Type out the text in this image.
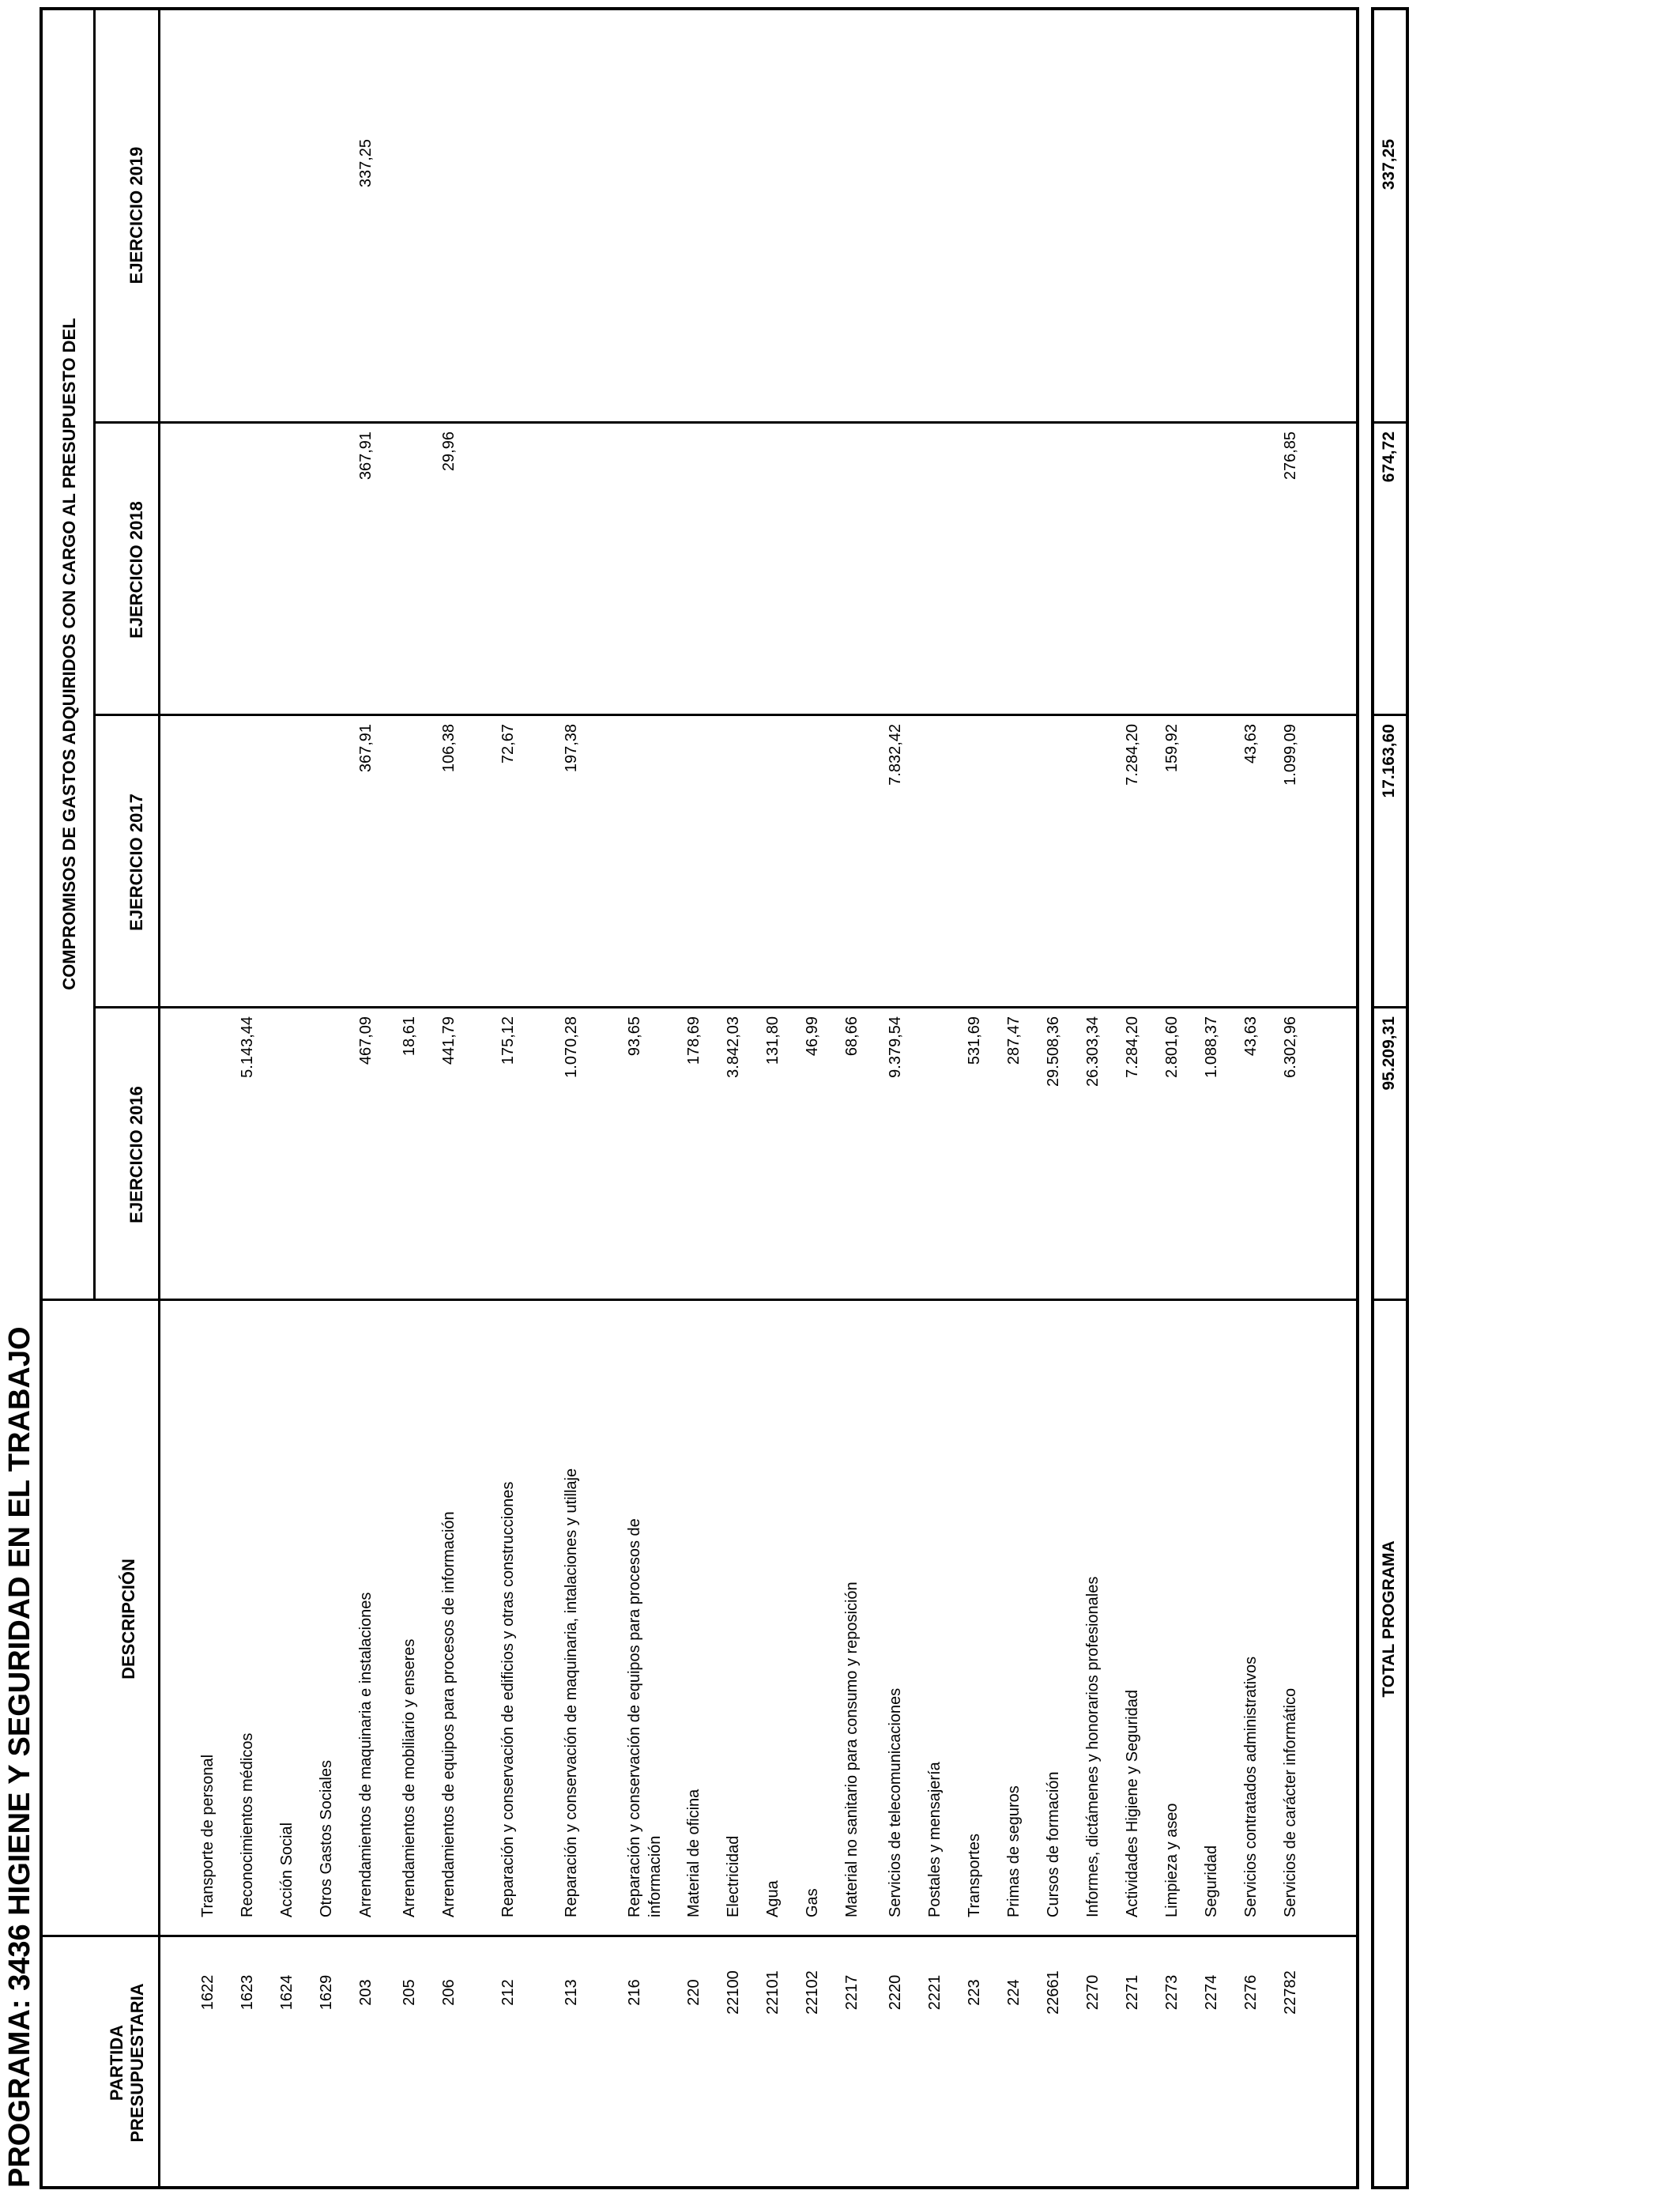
PROGRAMA: 3436 HIGIENE Y SEGURIDAD EN EL TRABAJO	PARTIDA
PRESUPUESTARIA
DESCRIPCIÓN
COMPROMISOS DE GASTOS ADQUIRIDOS CON CARGO AL PRESUPUESTO DEL
EJERCICIO 2016
EJERCICIO 2017
EJERCICIO 2018
EJERCICIO 2019
1622
Transporte de personal
1623
Reconocimientos médicos
5.143,44
1624
Acción Social
1629
Otros Gastos Sociales
203
Arrendamientos de maquinaria e instalaciones
467,09
367,91
367,91
337,25
205
Arrendamientos de mobiliario y enseres
18,61
206
Arrendamientos de equipos para procesos de información
441,79
106,38
29,96
212
Reparación y conservación de edificios y otras construcciones
175,12
72,67
213
Reparación y conservación de maquinaria, intalaciones y utillaje
1.070,28
197,38
216
Reparación y conservación de equipos para procesos de información
93,65
220
Material de oficina
178,69
22100
Electricidad
3.842,03
22101
Agua
131,80
22102
Gas
46,99
2217
Material no sanitario para consumo y reposición
68,66
2220
Servicios de telecomunicaciones
9.379,54
7.832,42
2221
Postales y mensajería
223
Transportes
531,69
224
Primas de seguros
287,47
22661
Cursos de formación
29.508,36
2270
Informes, dictámenes y honorarios profesionales
26.303,34
2271
Actividades Higiene y Seguridad
7.284,20
7.284,20
2273
Limpieza y aseo
2.801,60
159,92
2274
Seguridad
1.088,37
2276
Servicios contratados administrativos
43,63
43,63
22782
Servicios de carácter informático
6.302,96
1.099,09
276,85
TOTAL PROGRAMA
95.209,31
17.163,60
674,72
337,25
